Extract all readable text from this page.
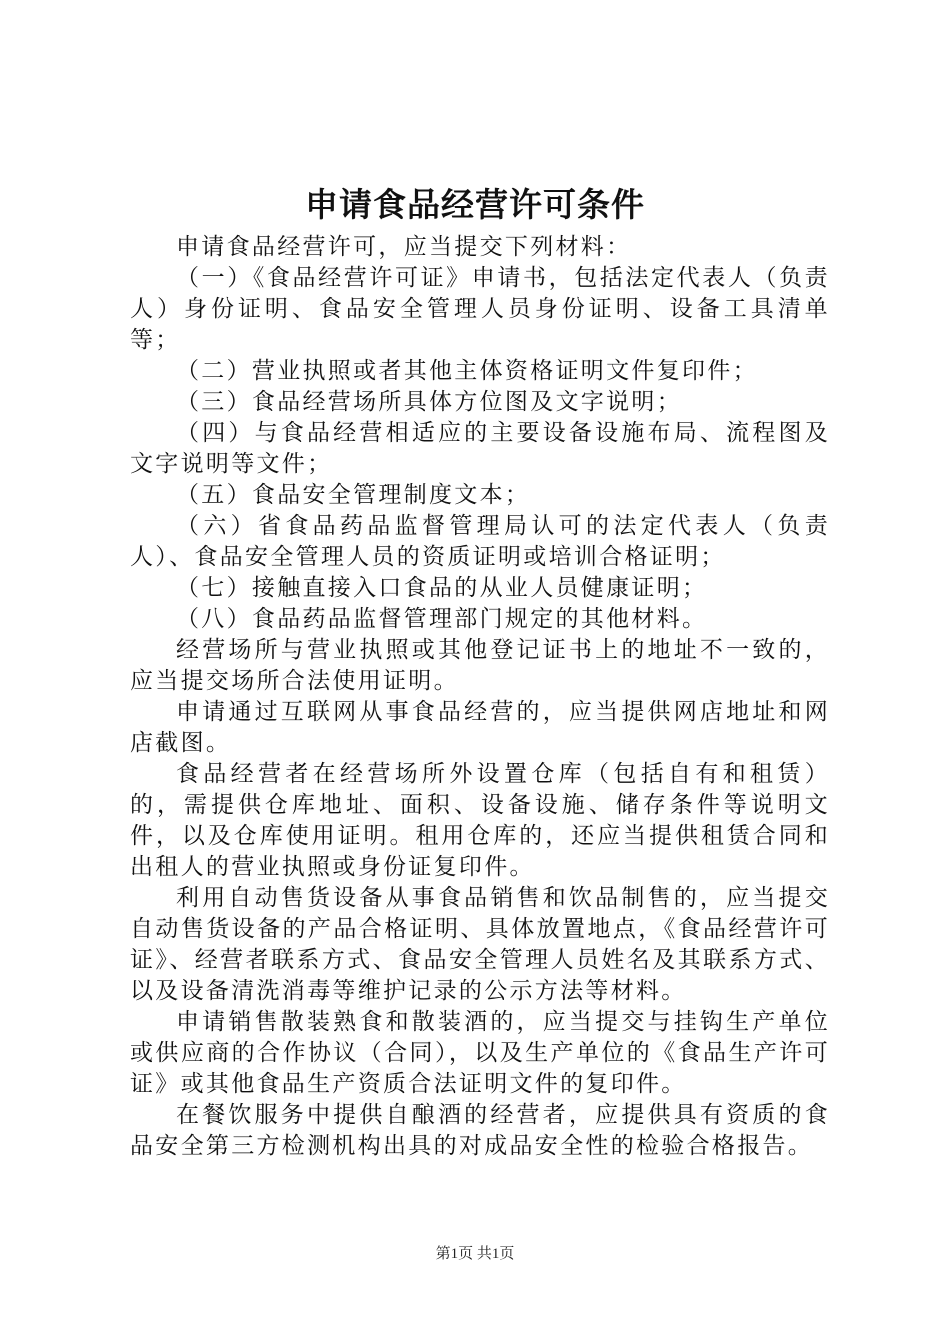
申请食品经营许可条件

申请食品经营许可，应当提交下列材料：

（一）《食品经营许可证》申请书，包括法定代表人（负责人）身份证明、食品安全管理人员身份证明、设备工具清单等；

（二）营业执照或者其他主体资格证明文件复印件；

（三）食品经营场所具体方位图及文字说明；

（四）与食品经营相适应的主要设备设施布局、流程图及文字说明等文件；

（五）食品安全管理制度文本；

（六）省食品药品监督管理局认可的法定代表人（负责人）、食品安全管理人员的资质证明或培训合格证明；

（七）接触直接入口食品的从业人员健康证明；

（八）食品药品监督管理部门规定的其他材料。

经营场所与营业执照或其他登记证书上的地址不一致的，应当提交场所合法使用证明。

申请通过互联网从事食品经营的，应当提供网店地址和网店截图。

食品经营者在经营场所外设置仓库（包括自有和租赁）的，需提供仓库地址、面积、设备设施、储存条件等说明文件，以及仓库使用证明。租用仓库的，还应当提供租赁合同和出租人的营业执照或身份证复印件。

利用自动售货设备从事食品销售和饮品制售的，应当提交自动售货设备的产品合格证明、具体放置地点，《食品经营许可证》、经营者联系方式、食品安全管理人员姓名及其联系方式、以及设备清洗消毒等维护记录的公示方法等材料。

申请销售散装熟食和散装酒的，应当提交与挂钩生产单位或供应商的合作协议（合同），以及生产单位的《食品生产许可证》或其他食品生产资质合法证明文件的复印件。

在餐饮服务中提供自酿酒的经营者，应提供具有资质的食品安全第三方检测机构出具的对成品安全性的检验合格报告。

第1页 共1页
